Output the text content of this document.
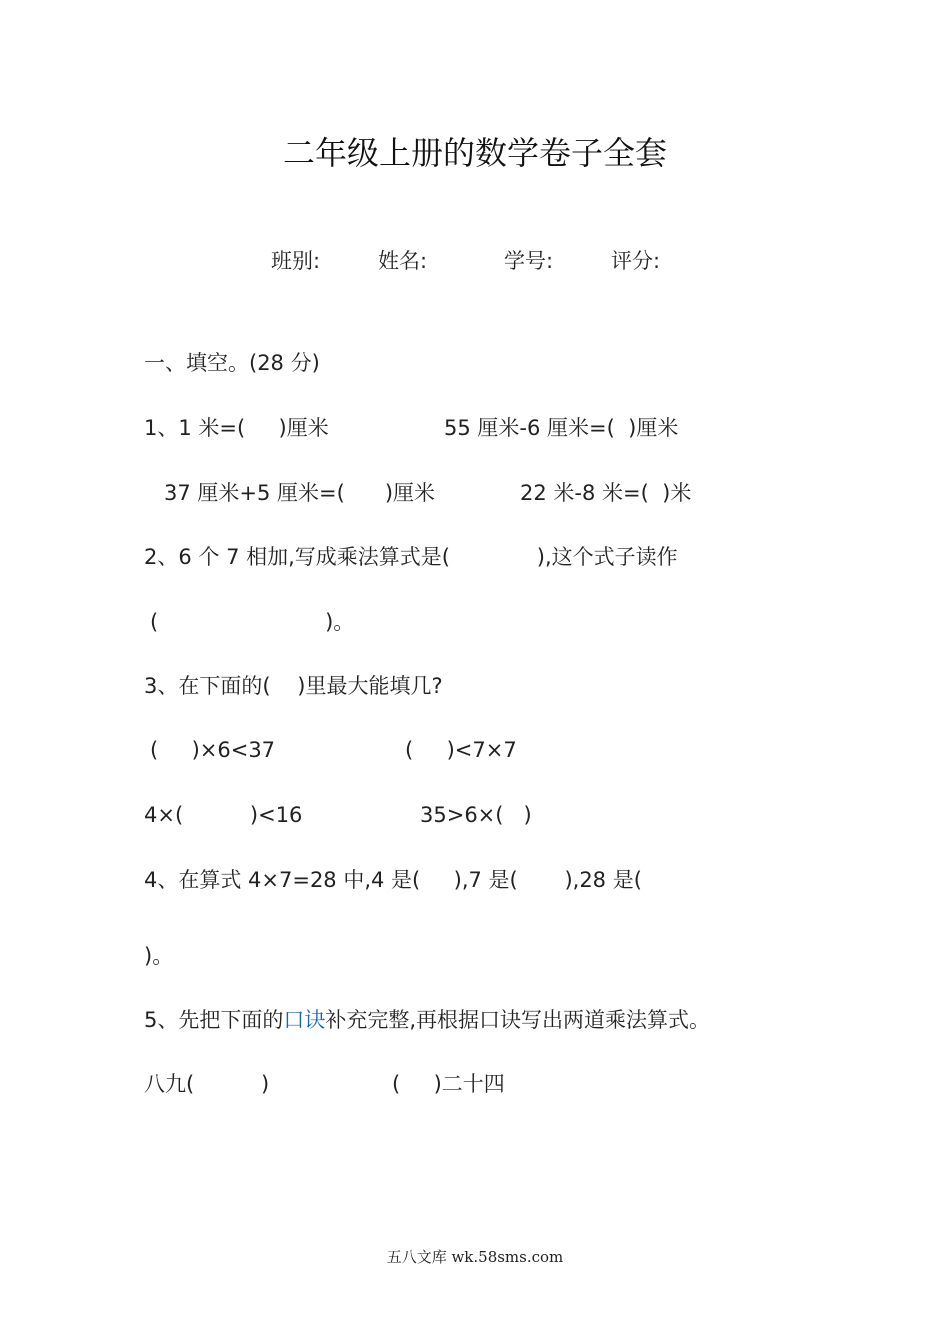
二年级上册的数学卷子全套
班别:	姓名:	学号:	评分:
一、填空。(28 分)
1、1 米=(     )厘米	55 厘米-6 厘米=(  )厘米
37 厘米+5 厘米=(      )厘米	22 米-8 米=(  )米
2、6 个 7 相加,写成乘法算式是(             ),这个式子读作
(                         )。
3、在下面的(    )里最大能填几?
(     )×6<37	(     )<7×7
4×(          )<16	35>6×(   )
4、在算式 4×7=28 中,4 是(     ),7 是(       ),28 是(
)。
5、先把下面的口诀补充完整,再根据口诀写出两道乘法算式。
八九(          )	(     )二十四
五八文库 wk.58sms.com
